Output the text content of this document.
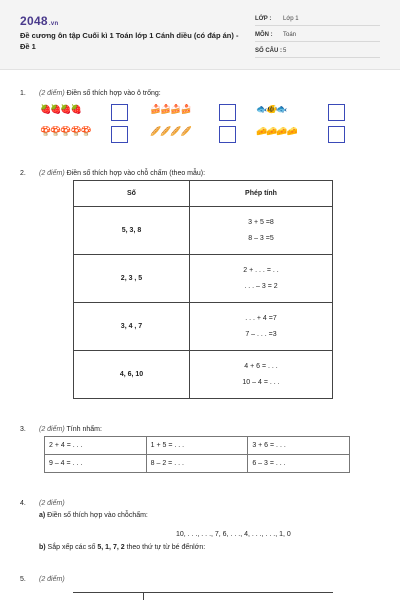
2048.vn
Đề cương ôn tập Cuối kì 1 Toán lớp 1 Cánh diều (có đáp án) - Đề 1
LỚP : Lớp 1
MÔN : Toán
SỐ CÂU : 5
1. (2 điểm) Điền số thích hợp vào ô trống:
🍓🍓🍓🍓
🍄🍄🍄🍄🍄
🍰🍰🍰🍰
🥖🥖🥖🥖
🐟🐠🐟
🧀🧀🧀🧀
2. (2 điểm) Điền số thích hợp vào chỗ chấm (theo mẫu):
Số	Phép tính
5, 3, 8	3 + 5 =8
8 – 3 =5

2, 3 , 5	2 + . . . = . .
. . . – 3 = 2

3, 4 , 7	. . . + 4 =7
7 – . . . =3

4, 6, 10	4 + 6 = . . .
10 – 4 = . . .
3. (2 điểm) Tính nhẩm:
2 + 4 = . . .	1 + 5 = . . .	3 + 6 = . . .
9 – 4 = . . .	8 – 2 = . . .	6 – 3 = . . .
4. (2 điểm)
a) Điền số thích hợp vào chỗchấm:
10, . . ., . . ., 7, 6, . . ., 4, . . ., . . ., 1, 0
b) Sắp xếp các số 5, 1, 7, 2 theo thứ tự từ bé đếnlớn:
5. (2 điểm)
